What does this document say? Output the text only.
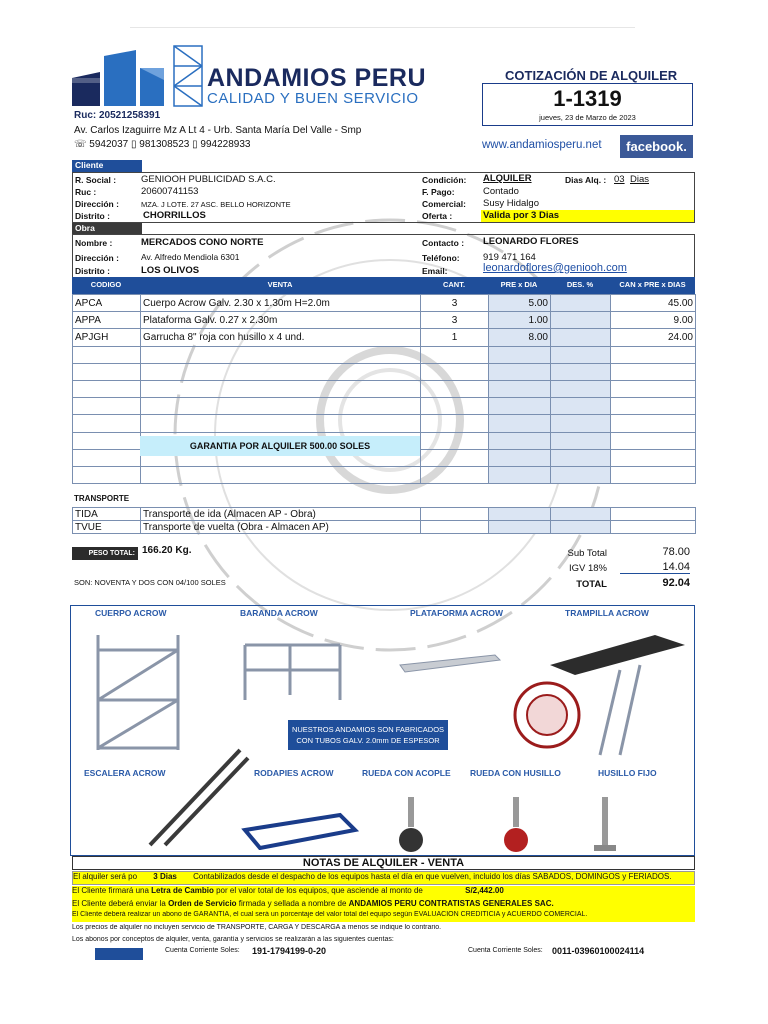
ANDAMIOS PERU
CALIDAD Y BUEN SERVICIO
Ruc: 20521258391
Av. Carlos Izaguirre Mz A Lt 4 - Urb. Santa María Del Valle - Smp
☏ 5942037 ▯ 981308523 ▯ 994228933
COTIZACIÓN DE ALQUILER
1-1319
jueves, 23 de Marzo de 2023
www.andamiosperu.net	facebook.
Cliente
R. Social :	GENIOOH PUBLICIDAD S.A.C.
Ruc :	20600741153
Dirección :	MZA. J LOTE. 27 ASC. BELLO HORIZONTE
Distrito :	CHORRILLOS
Condición: ALQUILER	Dias Alq. : 03 Dias
F. Pago:	Contado
Comercial: Susy Hidalgo
Oferta :	Valida por 3 Dias
Obra
Nombre :	MERCADOS CONO NORTE
Dirección :	Av. Alfredo Mendiola 6301
Distrito :	LOS OLIVOS
Contacto : LEONARDO FLORES
Teléfono: 919 471 164
Email:	leonardoflores@geniooh.com
CODIGO	VENTA	CANT.	PRE x DIA	DES. %	CAN x PRE x DIAS
APCA	Cuerpo Acrow Galv. 2.30 x 1.30m H=2.0m	3	5.00		45.00
APPA	Plataforma Galv. 0.27 x 2.30m	3	1.00		9.00
APJGH	Garrucha 8" roja con husillo x 4 und.	1	8.00		24.00

GARANTIA POR ALQUILER 500.00 SOLES
TRANSPORTE
TIDA	Transporte de ida (Almacen AP - Obra)				
TVUE	Transporte de vuelta (Obra - Almacen AP)				
PESO TOTAL: 166.20 Kg.
SON: NOVENTA Y DOS CON 04/100 SOLES
Sub Total	78.00
IGV 18%	14.04
TOTAL	92.04
CUERPO ACROW	BARANDA ACROW	PLATAFORMA ACROW	TRAMPILLA ACROW
ESCALERA ACROW	RODAPIES ACROW	RUEDA CON ACOPLE RUEDA CON HUSILLO	HUSILLO FIJO
NUESTROS ANDAMIOS SON FABRICADOS
CON TUBOS GALV. 2.0mm DE ESPESOR
NOTAS DE ALQUILER - VENTA
El alquiler será po 3 Dias Contabilizados desde el despacho de los equipos hasta el día en que vuelven, incluido los días SABADOS, DOMINGOS y FERIADOS.
El Cliente firmará una Letra de Cambio por el valor total de los equipos, que asciende al monto de	S/2,442.00
El Cliente deberá enviar la Orden de Servicio firmada y sellada a nombre de ANDAMIOS PERU CONTRATISTAS GENERALES SAC.
El Cliente deberá realizar un abono de GARANTIA, el cual será un porcentaje del valor total del equipo según EVALUACION CREDITICIA y ACUERDO COMERCIAL.
Los precios de alquiler no incluyen servicio de TRANSPORTE, CARGA Y DESCARGA a menos se indique lo contrario.
Los abonos por conceptos de alquiler, venta, garantía y servicios se realizarán a las siguientes cuentas:
Cuenta Corriente Soles: 191-1794199-0-20	Cuenta Corriente Soles: 0011-03960100024114
